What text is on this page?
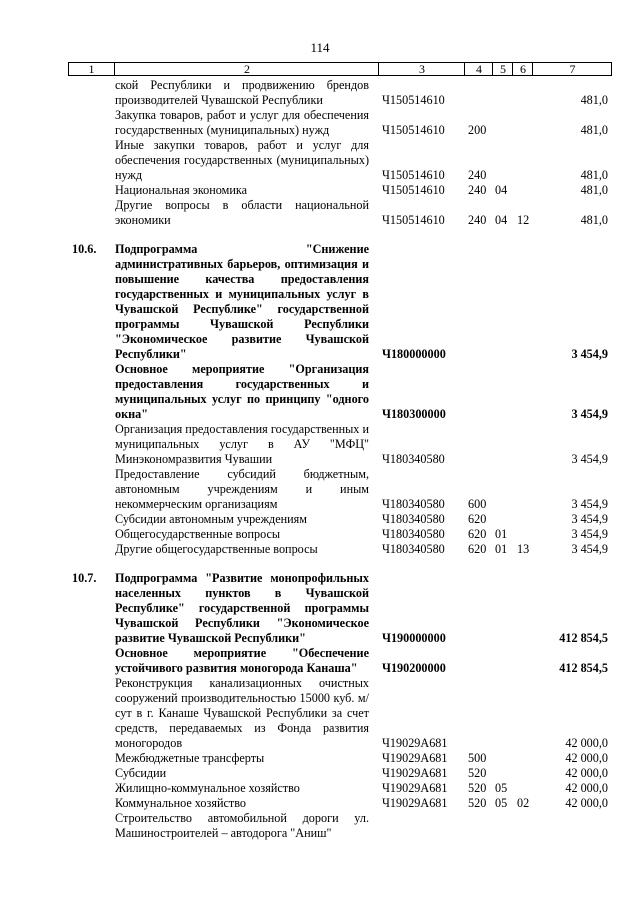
114
1	2	3	4	5	6	7
ской Республики и продвижению брендов производителей Чувашской Республики	Ч150514610	481,0
Закупка товаров, работ и услуг для обеспечения государственных (муниципальных) нужд	Ч150514610 200	481,0
Иные закупки товаров, работ и услуг для обеспечения государственных (муниципальных) нужд	Ч150514610 240	481,0
Национальная экономика	Ч150514610 240 04	481,0
Другие вопросы в области национальной экономики	Ч150514610 240 04 12	481,0
10.6.	Подпрограмма "Снижение административных барьеров, оптимизация и повышение качества предоставления государственных и муниципальных услуг в Чувашской Республике" государственной программы Чувашской Республики "Экономическое развитие Чувашской Республики"	Ч180000000	3 454,9
Основное мероприятие "Организация предоставления государственных и муниципальных услуг по принципу "одного окна"	Ч180300000	3 454,9
Организация предоставления государственных и муниципальных услуг в АУ "МФЦ" Минэкономразвития Чувашии	Ч180340580	3 454,9
Предоставление субсидий бюджетным, автономным учреждениям и иным некоммерческим организациям	Ч180340580 600	3 454,9
Субсидии автономным учреждениям	Ч180340580 620	3 454,9
Общегосударственные вопросы	Ч180340580 620 01	3 454,9
Другие общегосударственные вопросы	Ч180340580 620 01 13	3 454,9
10.7.	Подпрограмма "Развитие монопрофильных населенных пунктов в Чувашской Республике" государственной программы Чувашской Республики "Экономическое развитие Чувашской Республики"	Ч190000000	412 854,5
Основное мероприятие "Обеспечение устойчивого развития моногорода Канаша"	Ч190200000	412 854,5
Реконструкция канализационных очистных сооружений производительностью 15000 куб. м/сут в г. Канаше Чувашской Республики за счет средств, передаваемых из Фонда развития моногородов	Ч19029А681	42 000,0
Межбюджетные трансферты	Ч19029А681 500	42 000,0
Субсидии	Ч19029А681 520	42 000,0
Жилищно-коммунальное хозяйство	Ч19029А681 520 05	42 000,0
Коммунальное хозяйство	Ч19029А681 520 05 02	42 000,0
Строительство автомобильной дороги ул. Машиностроителей – автодорога "Аниш"
